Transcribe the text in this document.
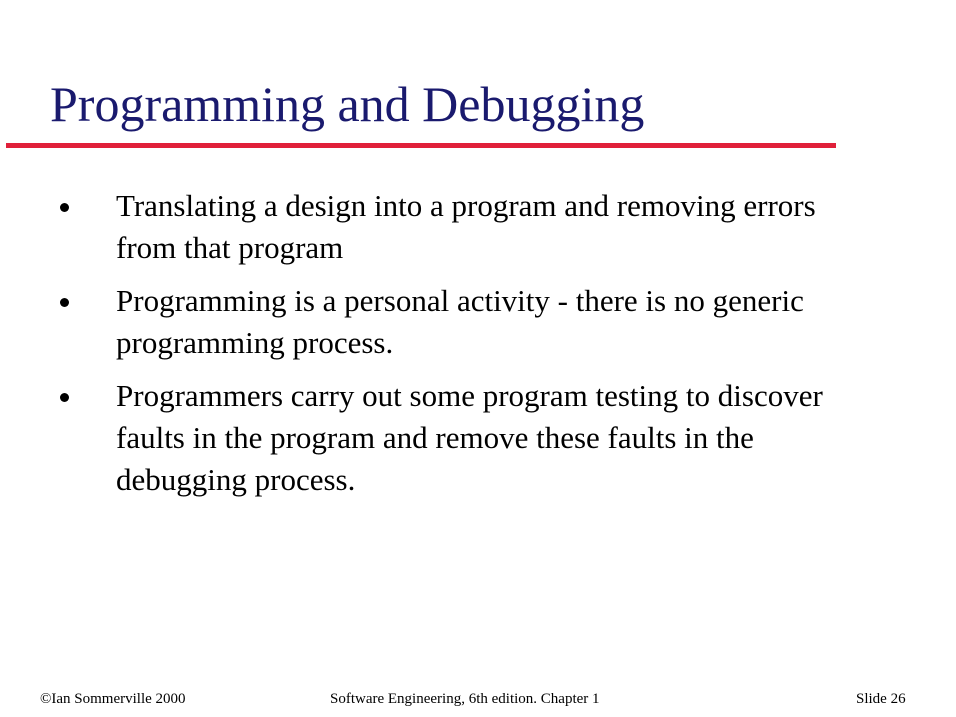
Programming and Debugging
Translating a design into a program and removing errors from that program
Programming is a personal activity - there is no generic programming process.
Programmers carry out some program testing to discover faults in the program and remove these faults in the debugging process.
©Ian Sommerville 2000	Software Engineering, 6th edition. Chapter 1	Slide 26
